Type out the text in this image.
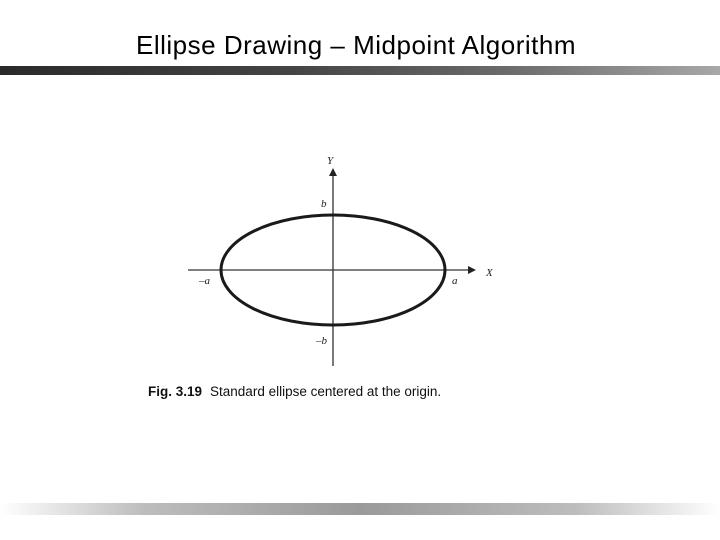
Ellipse Drawing – Midpoint Algorithm
Y
X
b
–b
a
–a
Fig. 3.19 Standard ellipse centered at the origin.
